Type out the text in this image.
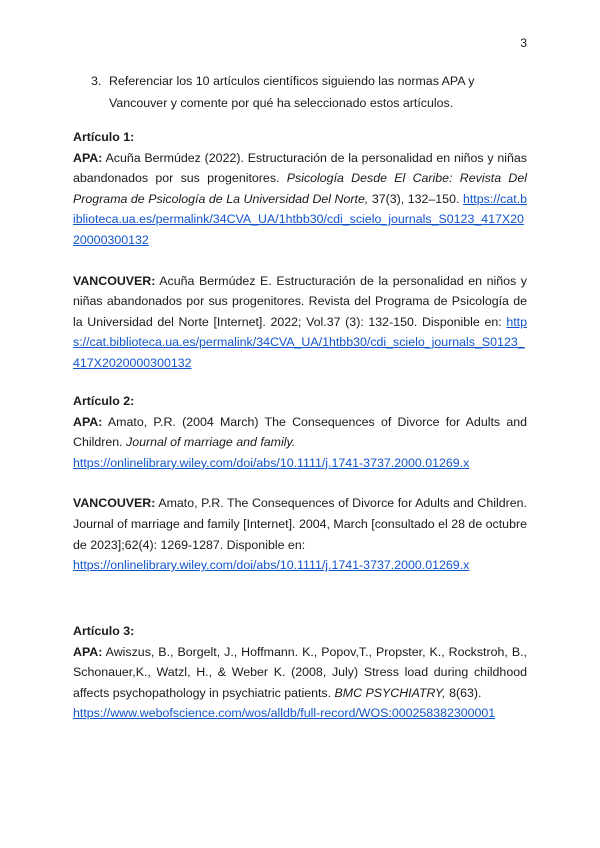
3
3. Referenciar los 10 artículos científicos siguiendo las normas APA y Vancouver y comente por qué ha seleccionado estos artículos.
Artículo 1:
APA: Acuña Bermúdez (2022). Estructuración de la personalidad en niños y niñas abandonados por sus progenitores. Psicología Desde El Caribe: Revista Del Programa de Psicología de La Universidad Del Norte, 37(3), 132–150. https://cat.biblioteca.ua.es/permalink/34CVA_UA/1htbb30/cdi_scielo_journals_S0123_417X2020000300132
VANCOUVER: Acuña Bermúdez E. Estructuración de la personalidad en niños y niñas abandonados por sus progenitores. Revista del Programa de Psicología de la Universidad del Norte [Internet]. 2022; Vol.37 (3): 132-150. Disponible en: https://cat.biblioteca.ua.es/permalink/34CVA_UA/1htbb30/cdi_scielo_journals_S0123_417X2020000300132
Artículo 2:
APA: Amato, P.R. (2004 March) The Consequences of Divorce for Adults and Children. Journal of marriage and family.
https://onlinelibrary.wiley.com/doi/abs/10.1111/j.1741-3737.2000.01269.x
VANCOUVER: Amato, P.R. The Consequences of Divorce for Adults and Children. Journal of marriage and family [Internet]. 2004, March [consultado el 28 de octubre de 2023];62(4): 1269-1287. Disponible en:
https://onlinelibrary.wiley.com/doi/abs/10.1111/j.1741-3737.2000.01269.x
Artículo 3:
APA: Awiszus, B., Borgelt, J., Hoffmann. K., Popov,T., Propster, K., Rockstroh, B., Schonauer,K., Watzl, H., & Weber K. (2008, July) Stress load during childhood affects psychopathology in psychiatric patients. BMC PSYCHIATRY, 8(63).
https://www.webofscience.com/wos/alldb/full-record/WOS:000258382300001
